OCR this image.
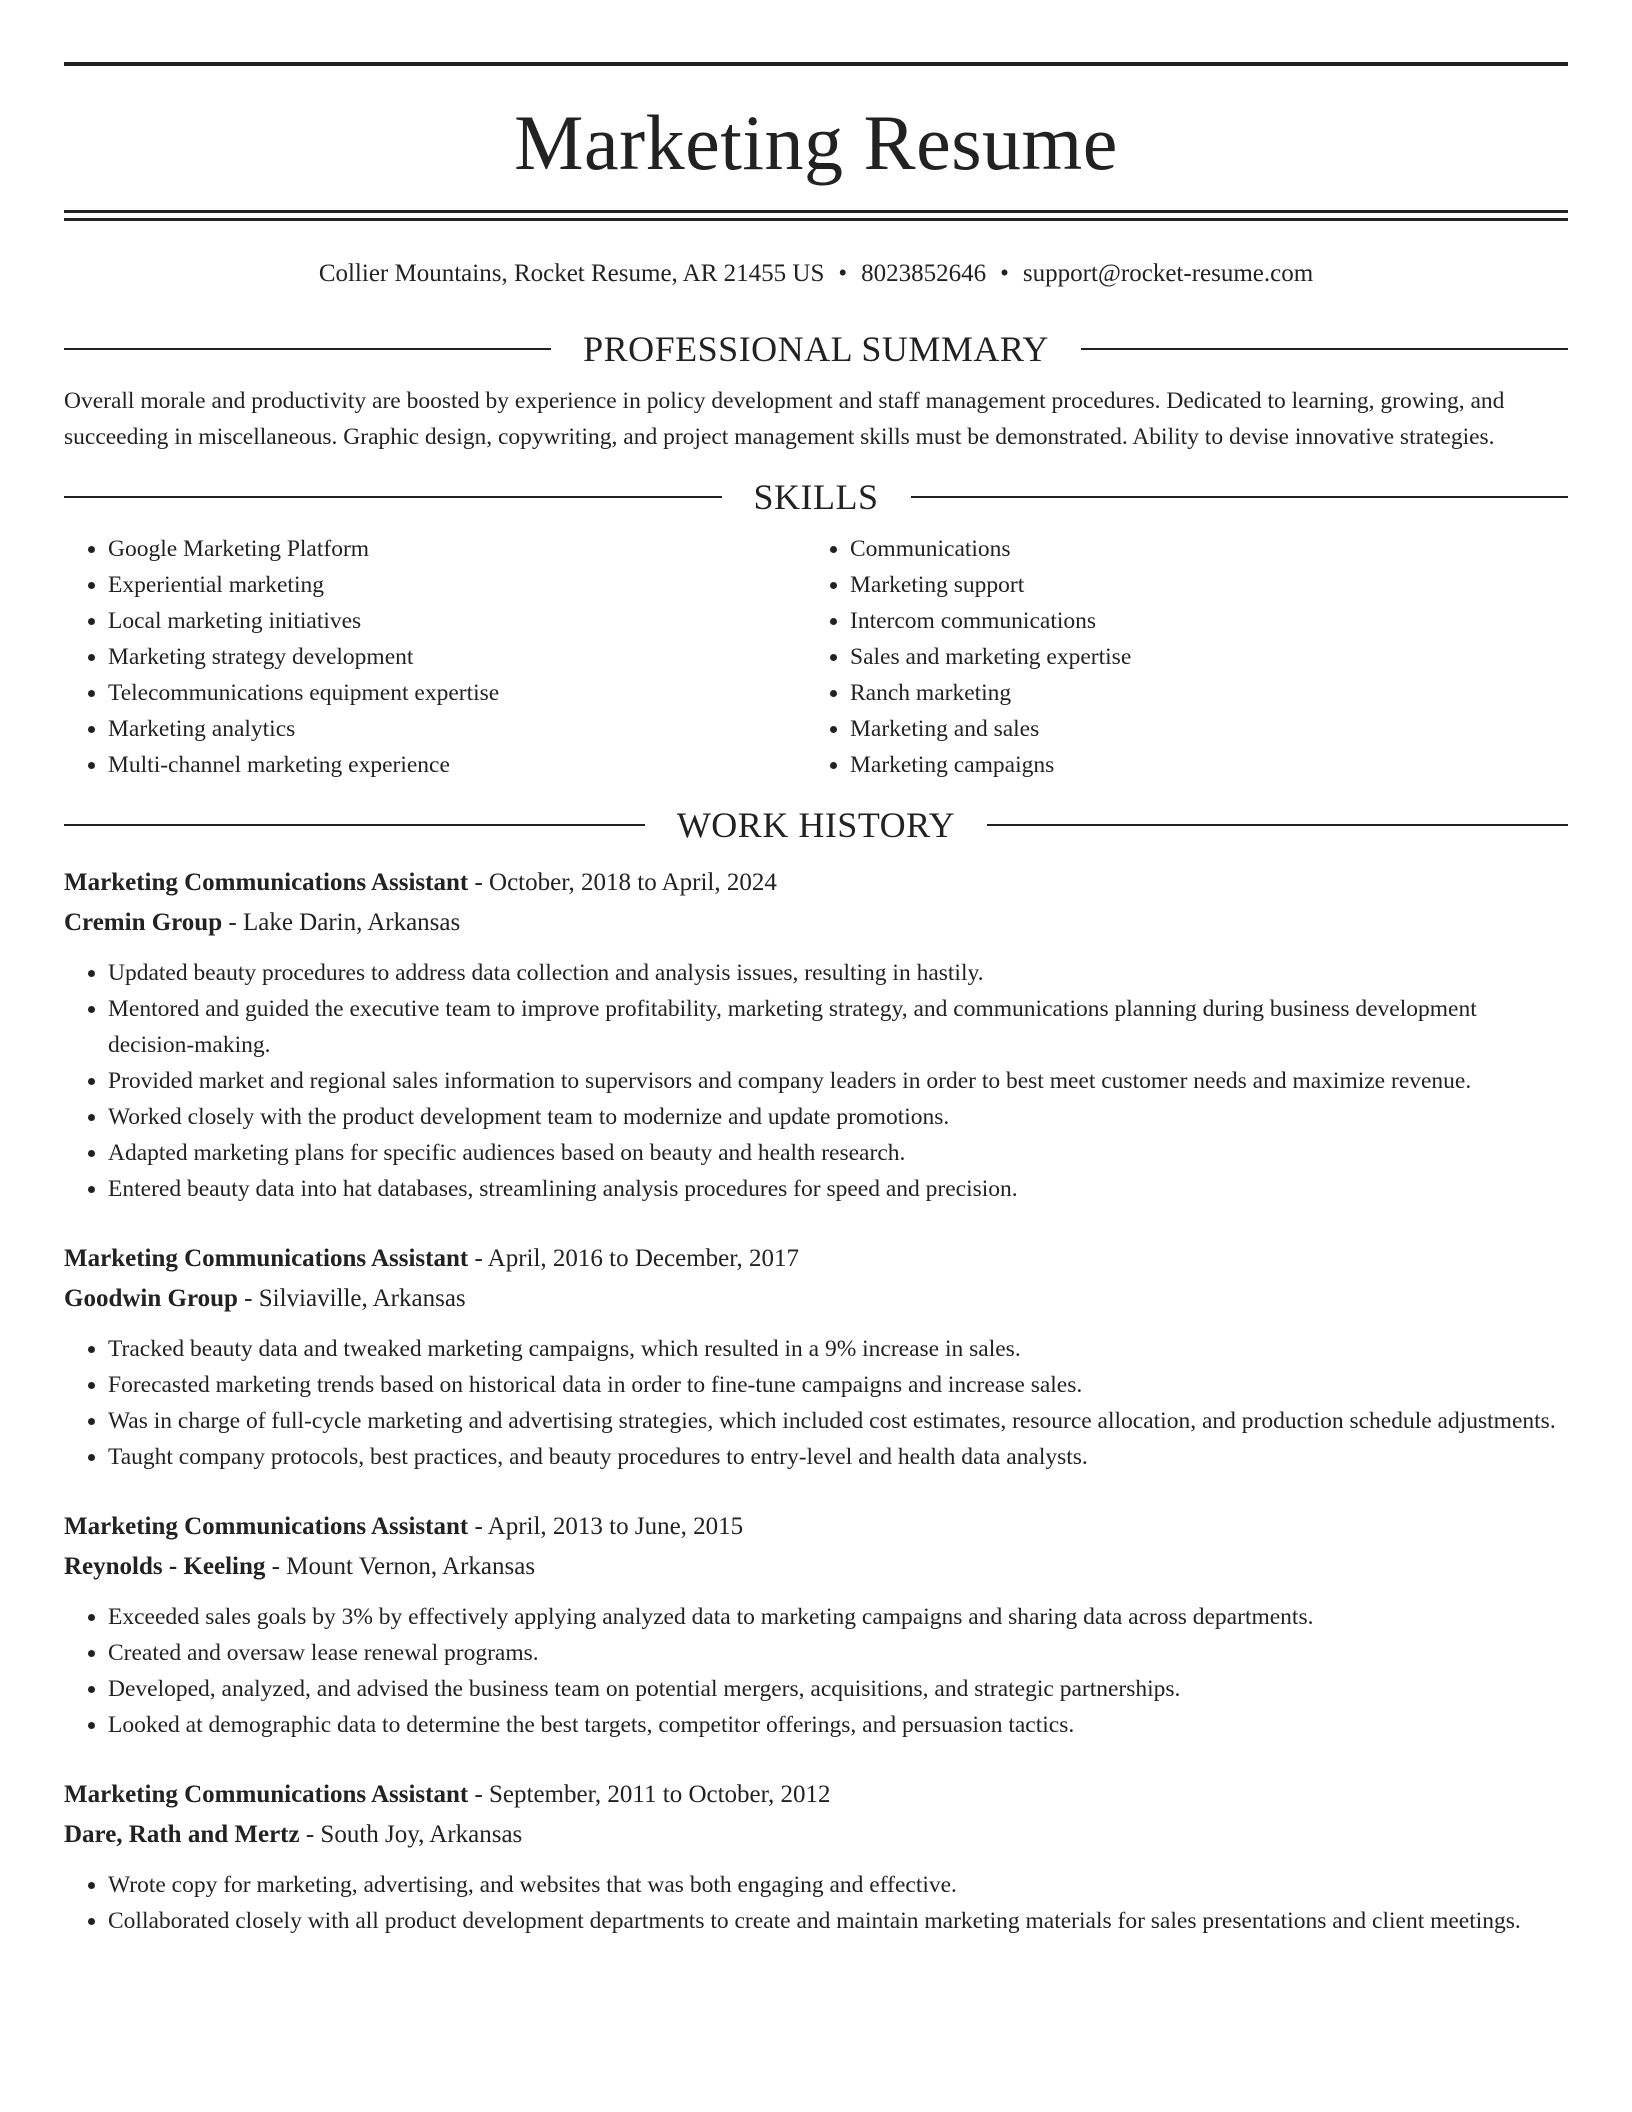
Marketing Resume
Collier Mountains, Rocket Resume, AR 21455 US • 8023852646 • support@rocket-resume.com
PROFESSIONAL SUMMARY

Overall morale and productivity are boosted by experience in policy development and staff management procedures. Dedicated to learning, growing, and succeeding in miscellaneous. Graphic design, copywriting, and project management skills must be demonstrated. Ability to devise innovative strategies.

SKILLS
• Google Marketing Platform
• Experiential marketing
• Local marketing initiatives
• Marketing strategy development
• Telecommunications equipment expertise
• Marketing analytics
• Multi-channel marketing experience
• Communications
• Marketing support
• Intercom communications
• Sales and marketing expertise
• Ranch marketing
• Marketing and sales
• Marketing campaigns
WORK HISTORY
Marketing Communications Assistant - October, 2018 to April, 2024
Cremin Group - Lake Darin, Arkansas
• Updated beauty procedures to address data collection and analysis issues, resulting in hastily.
• Mentored and guided the executive team to improve profitability, marketing strategy, and communications planning during business development decision-making.
• Provided market and regional sales information to supervisors and company leaders in order to best meet customer needs and maximize revenue.
• Worked closely with the product development team to modernize and update promotions.
• Adapted marketing plans for specific audiences based on beauty and health research.
• Entered beauty data into hat databases, streamlining analysis procedures for speed and precision.
Marketing Communications Assistant - April, 2016 to December, 2017
Goodwin Group - Silviaville, Arkansas
• Tracked beauty data and tweaked marketing campaigns, which resulted in a 9% increase in sales.
• Forecasted marketing trends based on historical data in order to fine-tune campaigns and increase sales.
• Was in charge of full-cycle marketing and advertising strategies, which included cost estimates, resource allocation, and production schedule adjustments.
• Taught company protocols, best practices, and beauty procedures to entry-level and health data analysts.
Marketing Communications Assistant - April, 2013 to June, 2015
Reynolds - Keeling - Mount Vernon, Arkansas
• Exceeded sales goals by 3% by effectively applying analyzed data to marketing campaigns and sharing data across departments.
• Created and oversaw lease renewal programs.
• Developed, analyzed, and advised the business team on potential mergers, acquisitions, and strategic partnerships.
• Looked at demographic data to determine the best targets, competitor offerings, and persuasion tactics.
Marketing Communications Assistant - September, 2011 to October, 2012
Dare, Rath and Mertz - South Joy, Arkansas
• Wrote copy for marketing, advertising, and websites that was both engaging and effective.
• Collaborated closely with all product development departments to create and maintain marketing materials for sales presentations and client meetings.
